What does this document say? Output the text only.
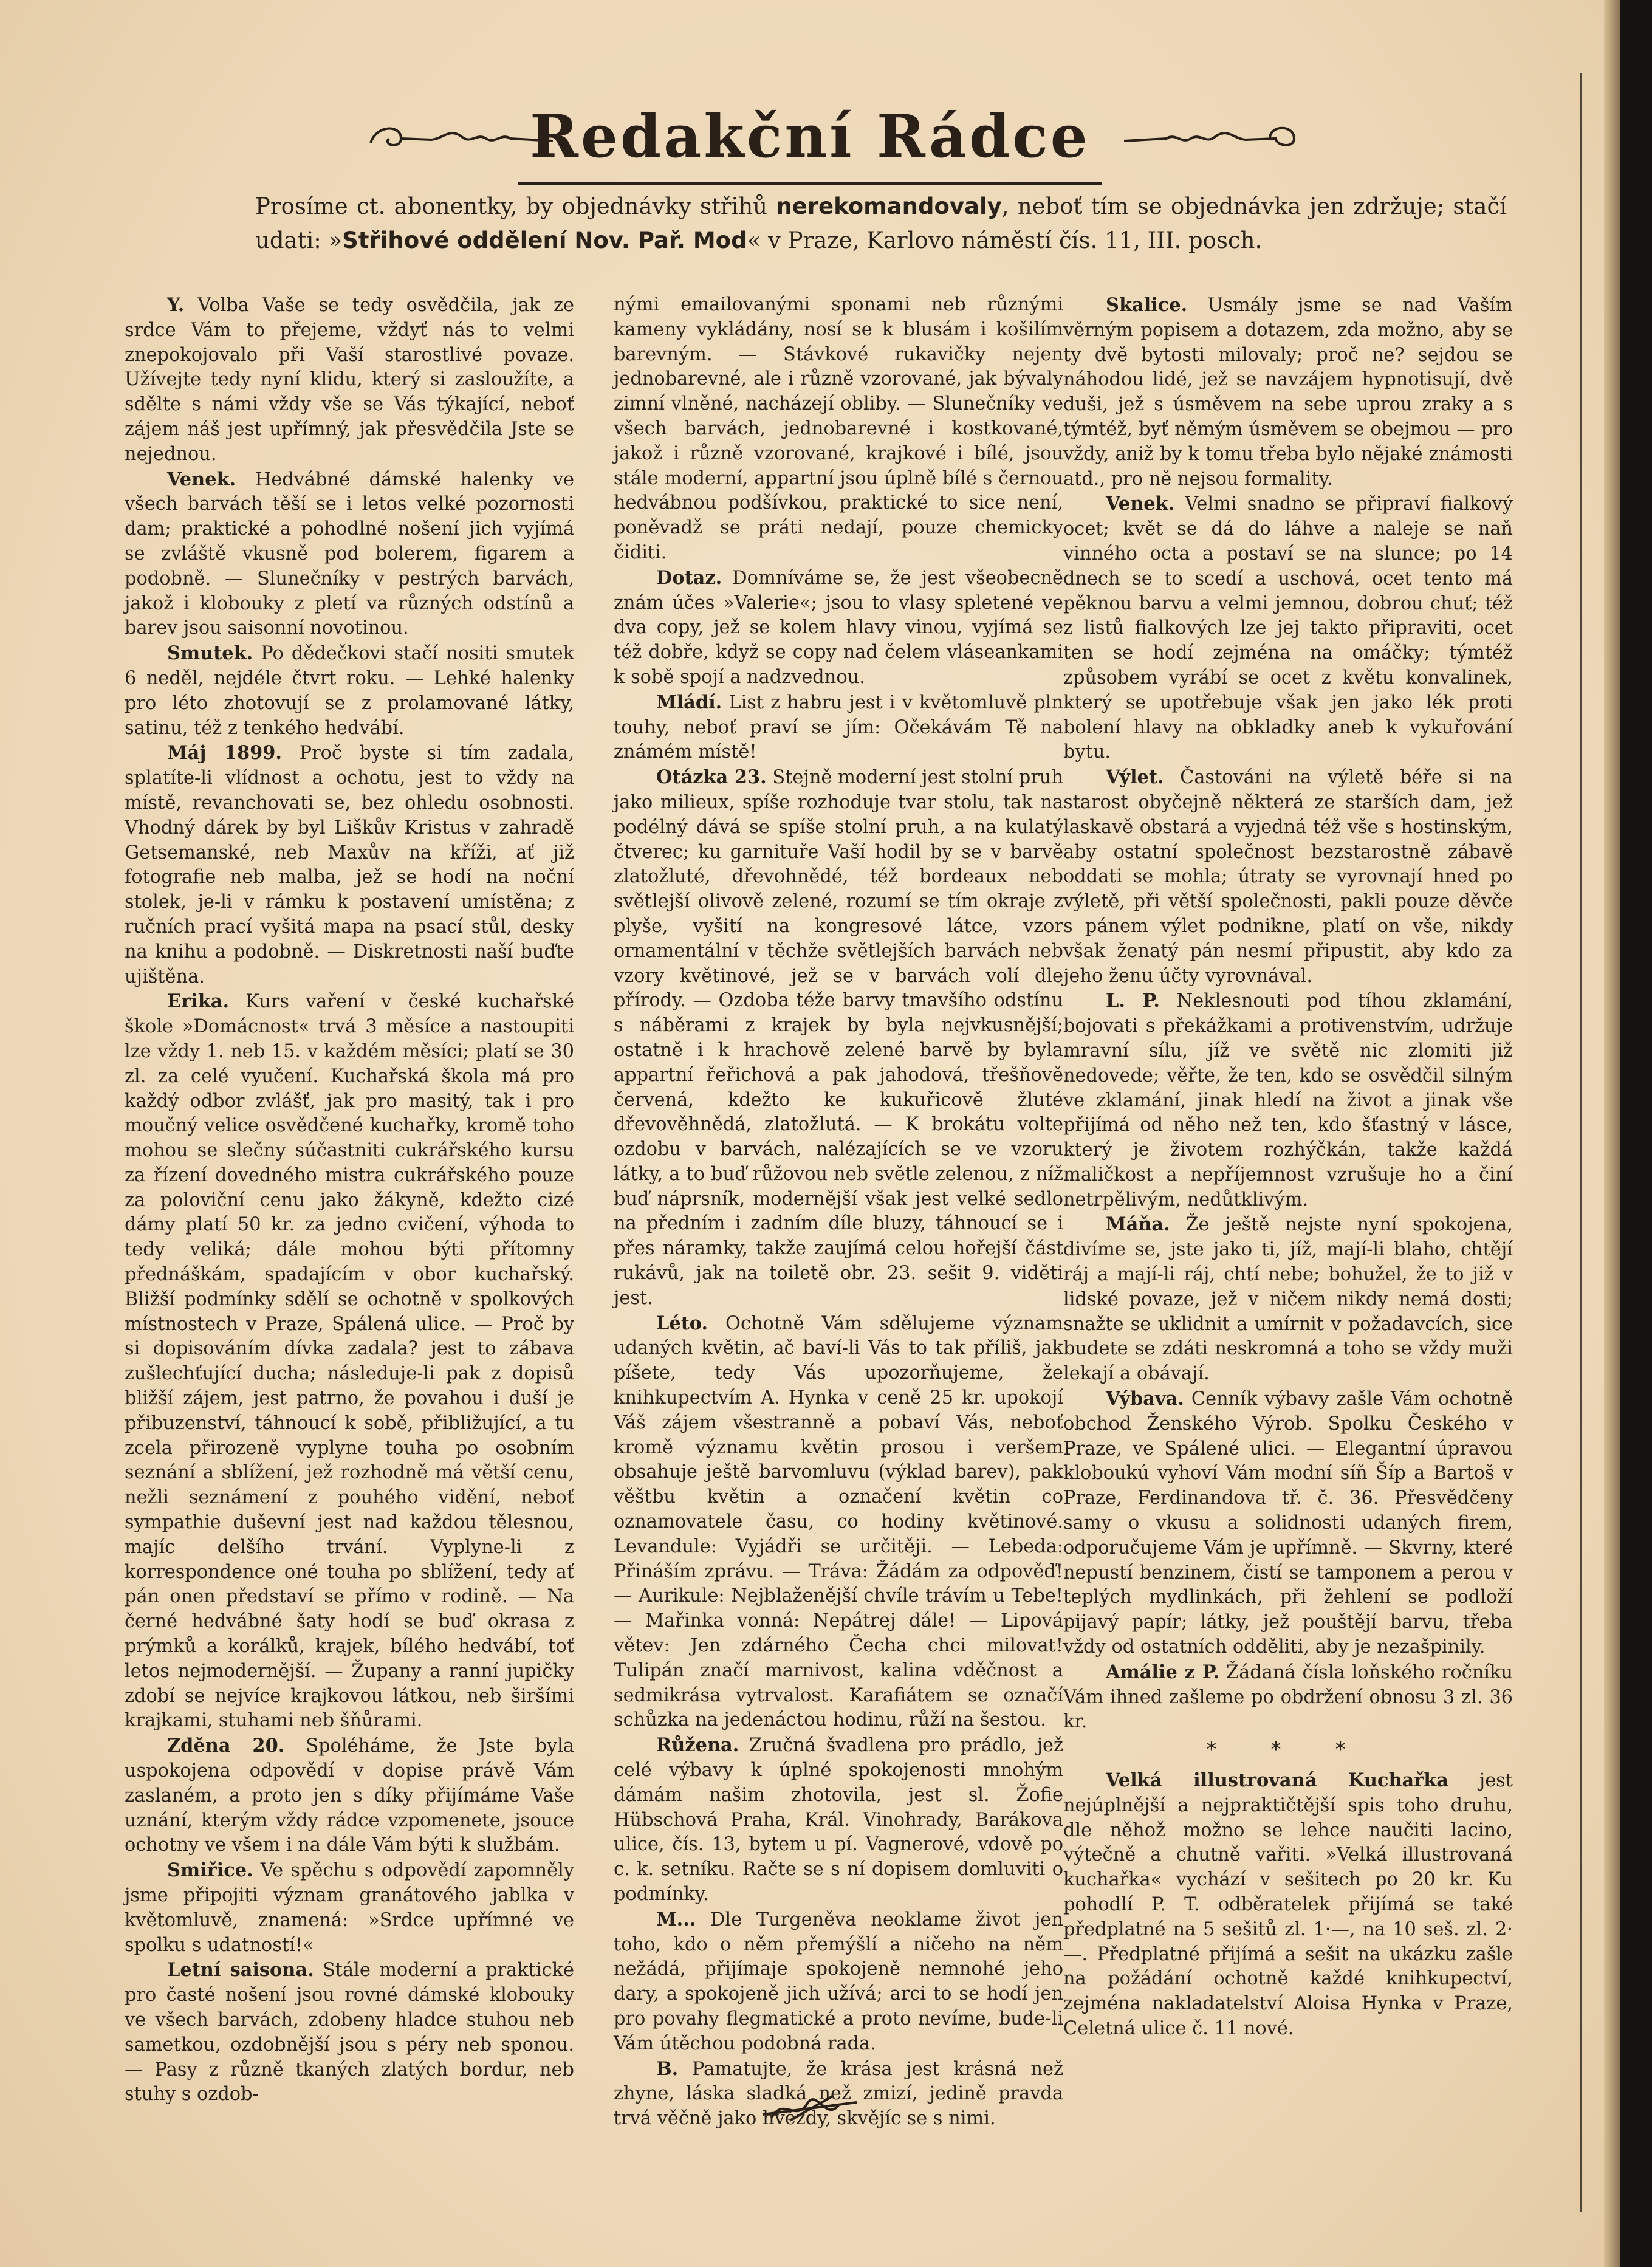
Redakční Rádce
Prosíme ct. abonentky, by objednávky střihů nerekomandovaly, neboť tím se objednávka jen zdržuje; stačí udati: »Střihové oddělení Nov. Pař. Mod« v Praze, Karlovo náměstí čís. 11, III. posch.

Y. Volba Vaše se tedy osvědčila, jak ze srdce Vám to přejeme, vždyť nás to velmi znepokojovalo při Vaší starostlivé povaze. Užívejte tedy nyní klidu, který si zasloužíte, a sdělte s námi vždy vše se Vás týkající, neboť zájem náš jest upřímný, jak přesvědčila Jste se nejednou.

Venek. Hedvábné dámské halenky ve všech barvách těší se i letos velké pozornosti dam; praktické a pohodlné nošení jich vyjímá se zvláště vkusně pod bolerem, figarem a podobně. — Slunečníky v pestrých barvách, jakož i klobouky z pletí va různých odstínů a barev jsou saisonní novotinou.

Smutek. Po dědečkovi stačí nositi smutek 6 neděl, nejdéle čtvrt roku. — Lehké halenky pro léto zhotovují se z prolamované látky, satinu, též z tenkého hedvábí.

Máj 1899. Proč byste si tím zadala, splatíte-li vlídnost a ochotu, jest to vždy na místě, revanchovati se, bez ohledu osobnosti. Vhodný dárek by byl Liškův Kristus v zahradě Getsemanské, neb Maxův na kříži, ať již fotografie neb malba, jež se hodí na noční stolek, je-li v rámku k postavení umístěna; z ručních prací vyšitá mapa na psací stůl, desky na knihu a podobně. — Diskretnosti naší buďte ujištěna.

Erika. Kurs vaření v české kuchařské škole »Domácnost« trvá 3 měsíce a nastoupiti lze vždy 1. neb 15. v každém měsíci; platí se 30 zl. za celé vyučení. Kuchařská škola má pro každý odbor zvlášť, jak pro masitý, tak i pro moučný velice osvědčené kuchařky, kromě toho mohou se slečny súčastniti cukrářského kursu za řízení dovedného mistra cukrářského pouze za poloviční cenu jako žákyně, kdežto cizé dámy platí 50 kr. za jedno cvičení, výhoda to tedy veliká; dále mohou býti přítomny přednáškám, spadajícím v obor kuchařský. Bližší podmínky sdělí se ochotně v spolkových místnostech v Praze, Spálená ulice. — Proč by si dopisováním dívka zadala? jest to zábava zušlechťující ducha; následuje-li pak z dopisů bližší zájem, jest patrno, že povahou i duší je přibuzenství, táhnoucí k sobě, přibližující, a tu zcela přirozeně vyplyne touha po osobním seznání a sblížení, jež rozhodně má větší cenu, nežli seznámení z pouhého vidění, neboť sympathie duševní jest nad každou tělesnou, majíc delšího trvání. Vyplyne-li z korrespondence oné touha po sblížení, tedy ať pán onen představí se přímo v rodině. — Na černé hedvábné šaty hodí se buď okrasa z prýmků a korálků, krajek, bílého hedvábí, toť letos nejmodernější. — Župany a ranní jupičky zdobí se nejvíce krajkovou látkou, neb širšími krajkami, stuhami neb šňůrami.

Zděna 20. Spoléháme, že Jste byla uspokojena odpovědí v dopise právě Vám zaslaném, a proto jen s díky přijímáme Vaše uznání, kterým vždy rádce vzpomenete, jsouce ochotny ve všem i na dále Vám býti k službám.

Smiřice. Ve spěchu s odpovědí zapomněly jsme připojiti význam granátového jablka v květomluvě, znamená: »Srdce upřímné ve spolku s udatností!«

Letní saisona. Stále moderní a praktické pro časté nošení jsou rovné dámské klobouky ve všech barvách, zdobeny hladce stuhou neb sametkou, ozdobnější jsou s péry neb sponou. — Pasy z různě tkaných zlatých bordur, neb stuhy s ozdob-

nými emailovanými sponami neb různými kameny vykládány, nosí se k blusám i košilím barevným. — Stávkové rukavičky nejen jednobarevné, ale i různě vzorované, jak bývaly zimní vlněné, nacházejí obliby. — Slunečníky ve všech barvách, jednobarevné i kostkované, jakož i různě vzorované, krajkové i bílé, jsou stále moderní, appartní jsou úplně bílé s černou hedvábnou podšívkou, praktické to sice není, poněvadž se práti nedají, pouze chemicky čiditi.

Dotaz. Domníváme se, že jest všeobecně znám účes »Valerie«; jsou to vlasy spletené ve dva copy, jež se kolem hlavy vinou, vyjímá se též dobře, když se copy nad čelem vláseankami k sobě spojí a nadzvednou.

Mládí. List z habru jest i v květomluvě pln touhy, neboť praví se jím: Očekávám Tě na známém místě!

Otázka 23. Stejně moderní jest stolní pruh jako milieux, spíše rozhoduje tvar stolu, tak na podélný dává se spíše stolní pruh, a na kulatý čtverec; ku garnituře Vaší hodil by se v barvě zlatožluté, dřevohnědé, též bordeaux neb světlejší olivově zelené, rozumí se tím okraje z plyše, vyšití na kongresové látce, vzor ornamentální v těchže světlejších barvách neb vzory květinové, jež se v barvách volí dle přírody. — Ozdoba téže barvy tmavšího odstínu s náběrami z krajek by byla nejvkusnější; ostatně i k hrachově zelené barvě by byla appartní řeřichová a pak jahodová, třešňově červená, kdežto ke kukuřicově žluté dřevověhnědá, zlatožlutá. — K brokátu volte ozdobu v barvách, nalézajících se ve vzoru látky, a to buď růžovou neb světle zelenou, z níž buď náprsník, modernější však jest velké sedlo na předním i zadním díle bluzy, táhnoucí se i přes náramky, takže zaujímá celou hořejší část rukávů, jak na toiletě obr. 23. sešit 9. viděti jest.

Léto. Ochotně Vám sdělujeme význam udaných květin, ač baví-li Vás to tak příliš, jak píšete, tedy Vás upozorňujeme, že knihkupectvím A. Hynka v ceně 25 kr. upokojí Váš zájem všestranně a pobaví Vás, neboť kromě významu květin prosou i veršem obsahuje ještě barvomluvu (výklad barev), pak věštbu květin a označení květin co oznamovatele času, co hodiny květinové. Levandule: Vyjádři se určitěji. — Lebeda: Přináším zprávu. — Tráva: Žádám za odpověď! — Aurikule: Nejblaženější chvíle trávím u Tebe! — Mařinka vonná: Nepátrej dále! — Lipová větev: Jen zdárného Čecha chci milovat! Tulipán značí marnivost, kalina vděčnost a sedmikrása vytrvalost. Karafiátem se označí schůzka na jedenáctou hodinu, růží na šestou.

Růžena. Zručná švadlena pro prádlo, jež celé výbavy k úplné spokojenosti mnohým dámám našim zhotovila, jest sl. Žofie Hübschová Praha, Král. Vinohrady, Barákova ulice, čís. 13, bytem u pí. Vagnerové, vdově po c. k. setníku. Račte se s ní dopisem domluviti o podmínky.

M... Dle Turgeněva neoklame život jen toho, kdo o něm přemýšlí a ničeho na něm nežádá, přijímaje spokojeně nemnohé jeho dary, a spokojeně jich užívá; arci to se hodí jen pro povahy flegmatické a proto nevíme, bude-li Vám útěchou podobná rada.

B. Pamatujte, že krása jest krásná než zhyne, láska sladká než zmizí, jedině pravda trvá věčně jako hvězdy, skvějíc se s nimi.

Skalice. Usmály jsme se nad Vaším věrným popisem a dotazem, zda možno, aby se ty dvě bytosti milovaly; proč ne? sejdou se náhodou lidé, jež se navzájem hypnotisují, dvě duši, jež s úsměvem na sebe uprou zraky a s týmtéž, byť němým úsměvem se obejmou — pro vždy, aniž by k tomu třeba bylo nějaké známosti atd., pro ně nejsou formality.

Venek. Velmi snadno se připraví fialkový ocet; květ se dá do láhve a naleje se naň vinného octa a postaví se na slunce; po 14 dnech se to scedí a uschová, ocet tento má pěknou barvu a velmi jemnou, dobrou chuť; též z listů fialkových lze jej takto připraviti, ocet ten se hodí zejména na omáčky; týmtéž způsobem vyrábí se ocet z květu konvalinek, který se upotřebuje však jen jako lék proti bolení hlavy na obkladky aneb k vykuřování bytu.

Výlet. Častováni na výletě béře si na starost obyčejně některá ze starších dam, jež laskavě obstará a vyjedná též vše s hostinským, aby ostatní společnost bezstarostně zábavě oddati se mohla; útraty se vyrovnají hned po výletě, při větší společnosti, pakli pouze děvče s pánem výlet podnikne, platí on vše, nikdy však ženatý pán nesmí připustit, aby kdo za jeho ženu účty vyrovnával.

L. P. Neklesnouti pod tíhou zklamání, bojovati s překážkami a protivenstvím, udržuje mravní sílu, jíž ve světě nic zlomiti již nedovede; věřte, že ten, kdo se osvědčil silným ve zklamání, jinak hledí na život a jinak vše přijímá od něho než ten, kdo šťastný v lásce, který je životem rozhýčkán, takže každá maličkost a nepříjemnost vzrušuje ho a činí netrpělivým, nedůtklivým.

Máňa. Že ještě nejste nyní spokojena, divíme se, jste jako ti, jíž, mají-li blaho, chtějí ráj a mají-li ráj, chtí nebe; bohužel, že to již v lidské povaze, jež v ničem nikdy nemá dosti; snažte se uklidnit a umírnit v požadavcích, sice budete se zdáti neskromná a toho se vždy muži lekají a obávají.

Výbava. Cenník výbavy zašle Vám ochotně obchod Ženského Výrob. Spolku Českého v Praze, ve Spálené ulici. — Elegantní úpravou kloboukú vyhoví Vám modní síň Šíp a Bartoš v Praze, Ferdinandova tř. č. 36. Přesvědčeny samy o vkusu a solidnosti udaných firem, odporučujeme Vám je upřímně. — Skvrny, které nepustí benzinem, čistí se tamponem a perou v teplých mydlinkách, při žehlení se podloží pijavý papír; látky, jež pouštějí barvu, třeba vždy od ostatních odděliti, aby je nezašpinily.

Amálie z P. Žádaná čísla loňského ročníku Vám ihned zašleme po obdržení obnosu 3 zl. 36 kr.

* * *

Velká illustrovaná Kuchařka jest nejúplnější a nejpraktičtější spis toho druhu, dle něhož možno se lehce naučiti lacino, výtečně a chutně vařiti. »Velká illustrovaná kuchařka« vychází v sešitech po 20 kr. Ku pohodlí P. T. odběratelek přijímá se také předplatné na 5 sešitů zl. 1·—, na 10 seš. zl. 2·—. Předplatné přijímá a sešit na ukázku zašle na požádání ochotně každé knihkupectví, zejména nakladatelství Aloisa Hynka v Praze, Celetná ulice č. 11 nové.
